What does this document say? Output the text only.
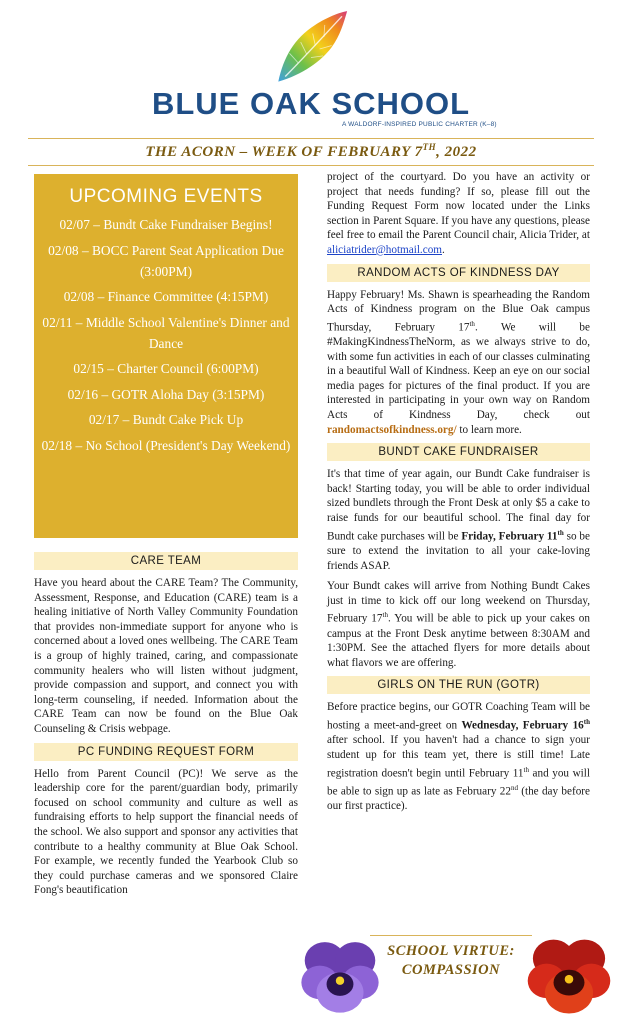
BLUE OAK SCHOOL
A WALDORF-INSPIRED PUBLIC CHARTER (K–8)
THE ACORN – WEEK OF FEBRUARY 7TH, 2022
UPCOMING EVENTS
02/07 – Bundt Cake Fundraiser Begins!
02/08 – BOCC Parent Seat Application Due (3:00PM)
02/08 – Finance Committee (4:15PM)
02/11 – Middle School Valentine's Dinner and Dance
02/15 – Charter Council (6:00PM)
02/16 – GOTR Aloha Day (3:15PM)
02/17 – Bundt Cake Pick Up
02/18 – No School (President's Day Weekend)
CARE TEAM

Have you heard about the CARE Team? The Community, Assessment, Response, and Education (CARE) team is a healing initiative of North Valley Community Foundation that provides non-immediate support for anyone who is concerned about a loved ones wellbeing. The CARE Team is a group of highly trained, caring, and compassionate community healers who will listen without judgment, provide compassion and support, and connect you with long-term counseling, if needed. Information about the CARE Team can now be found on the Blue Oak Counseling & Crisis webpage.

PC FUNDING REQUEST FORM

Hello from Parent Council (PC)! We serve as the leadership core for the parent/guardian body, primarily focused on school community and culture as well as fundraising efforts to help support the financial needs of the school. We also support and sponsor any activities that contribute to a healthy community at Blue Oak School. For example, we recently funded the Yearbook Club so they could purchase cameras and we sponsored Claire Fong's beautification

project of the courtyard. Do you have an activity or project that needs funding? If so, please fill out the Funding Request Form now located under the Links section in Parent Square. If you have any questions, please feel free to email the Parent Council chair, Alicia Trider, at aliciatrider@hotmail.com.

RANDOM ACTS OF KINDNESS DAY

Happy February! Ms. Shawn is spearheading the Random Acts of Kindness program on the Blue Oak campus Thursday, February 17th. We will be #MakingKindnessTheNorm, as we always strive to do, with some fun activities in each of our classes culminating in a beautiful Wall of Kindness. Keep an eye on our social media pages for pictures of the final product. If you are interested in participating in your own way on Random Acts of Kindness Day, check out randomactsofkindness.org/ to learn more.

BUNDT CAKE FUNDRAISER

It's that time of year again, our Bundt Cake fundraiser is back! Starting today, you will be able to order individual sized bundlets through the Front Desk at only $5 a cake to raise funds for our beautiful school. The final day for Bundt cake purchases will be Friday, February 11th so be sure to extend the invitation to all your cake-loving friends ASAP.

Your Bundt cakes will arrive from Nothing Bundt Cakes just in time to kick off our long weekend on Thursday, February 17th. You will be able to pick up your cakes on campus at the Front Desk anytime between 8:30AM and 1:30PM. See the attached flyers for more details about what flavors we are offering.

GIRLS ON THE RUN (GOTR)

Before practice begins, our GOTR Coaching Team will be hosting a meet-and-greet on Wednesday, February 16th after school. If you haven't had a chance to sign your student up for this team yet, there is still time! Late registration doesn't begin until February 11th and you will be able to sign up as late as February 22nd (the day before our first practice).

SCHOOL VIRTUE:
COMPASSION
